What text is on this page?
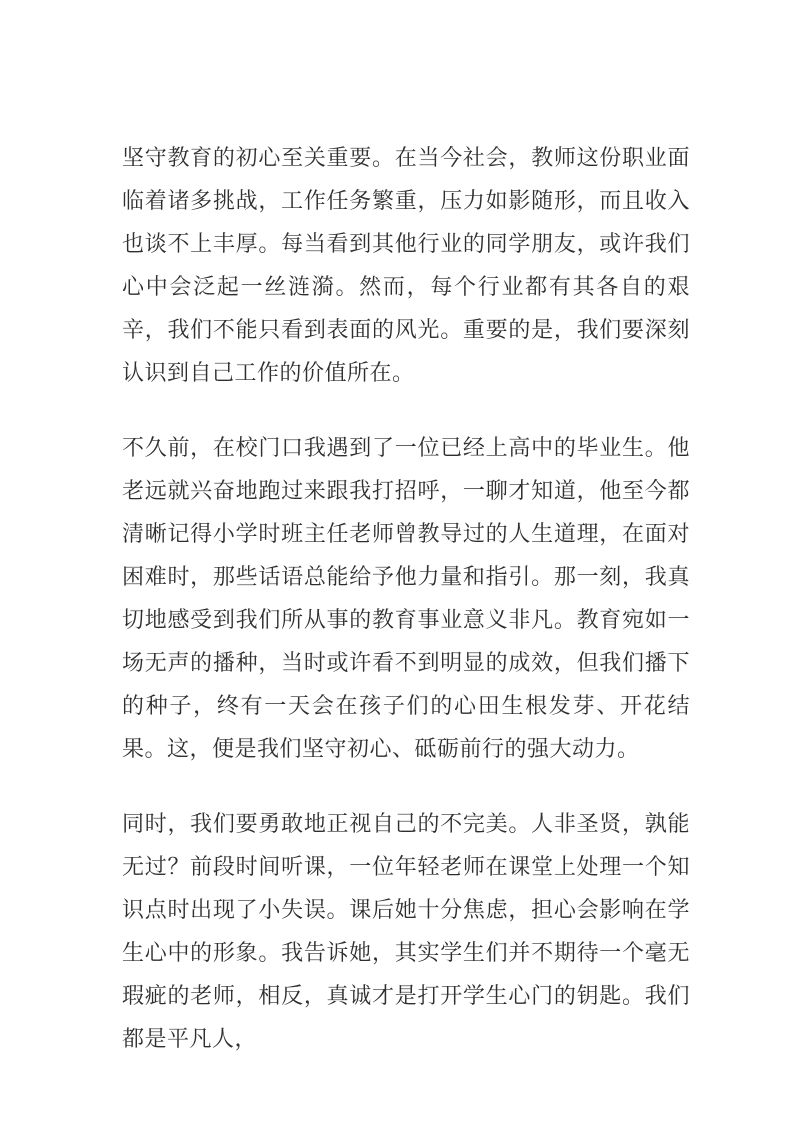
坚守教育的初心至关重要。在当今社会，教师这份职业面临着诸多挑战，工作任务繁重，压力如影随形，而且收入也谈不上丰厚。每当看到其他行业的同学朋友，或许我们心中会泛起一丝涟漪。然而，每个行业都有其各自的艰辛，我们不能只看到表面的风光。重要的是，我们要深刻认识到自己工作的价值所在。

不久前，在校门口我遇到了一位已经上高中的毕业生。他老远就兴奋地跑过来跟我打招呼，一聊才知道，他至今都清晰记得小学时班主任老师曾教导过的人生道理，在面对困难时，那些话语总能给予他力量和指引。那一刻，我真切地感受到我们所从事的教育事业意义非凡。教育宛如一场无声的播种，当时或许看不到明显的成效，但我们播下的种子，终有一天会在孩子们的心田生根发芽、开花结果。这，便是我们坚守初心、砥砺前行的强大动力。

同时，我们要勇敢地正视自己的不完美。人非圣贤，孰能无过？前段时间听课，一位年轻老师在课堂上处理一个知识点时出现了小失误。课后她十分焦虑，担心会影响在学生心中的形象。我告诉她，其实学生们并不期待一个毫无瑕疵的老师，相反，真诚才是打开学生心门的钥匙。我们都是平凡人，
